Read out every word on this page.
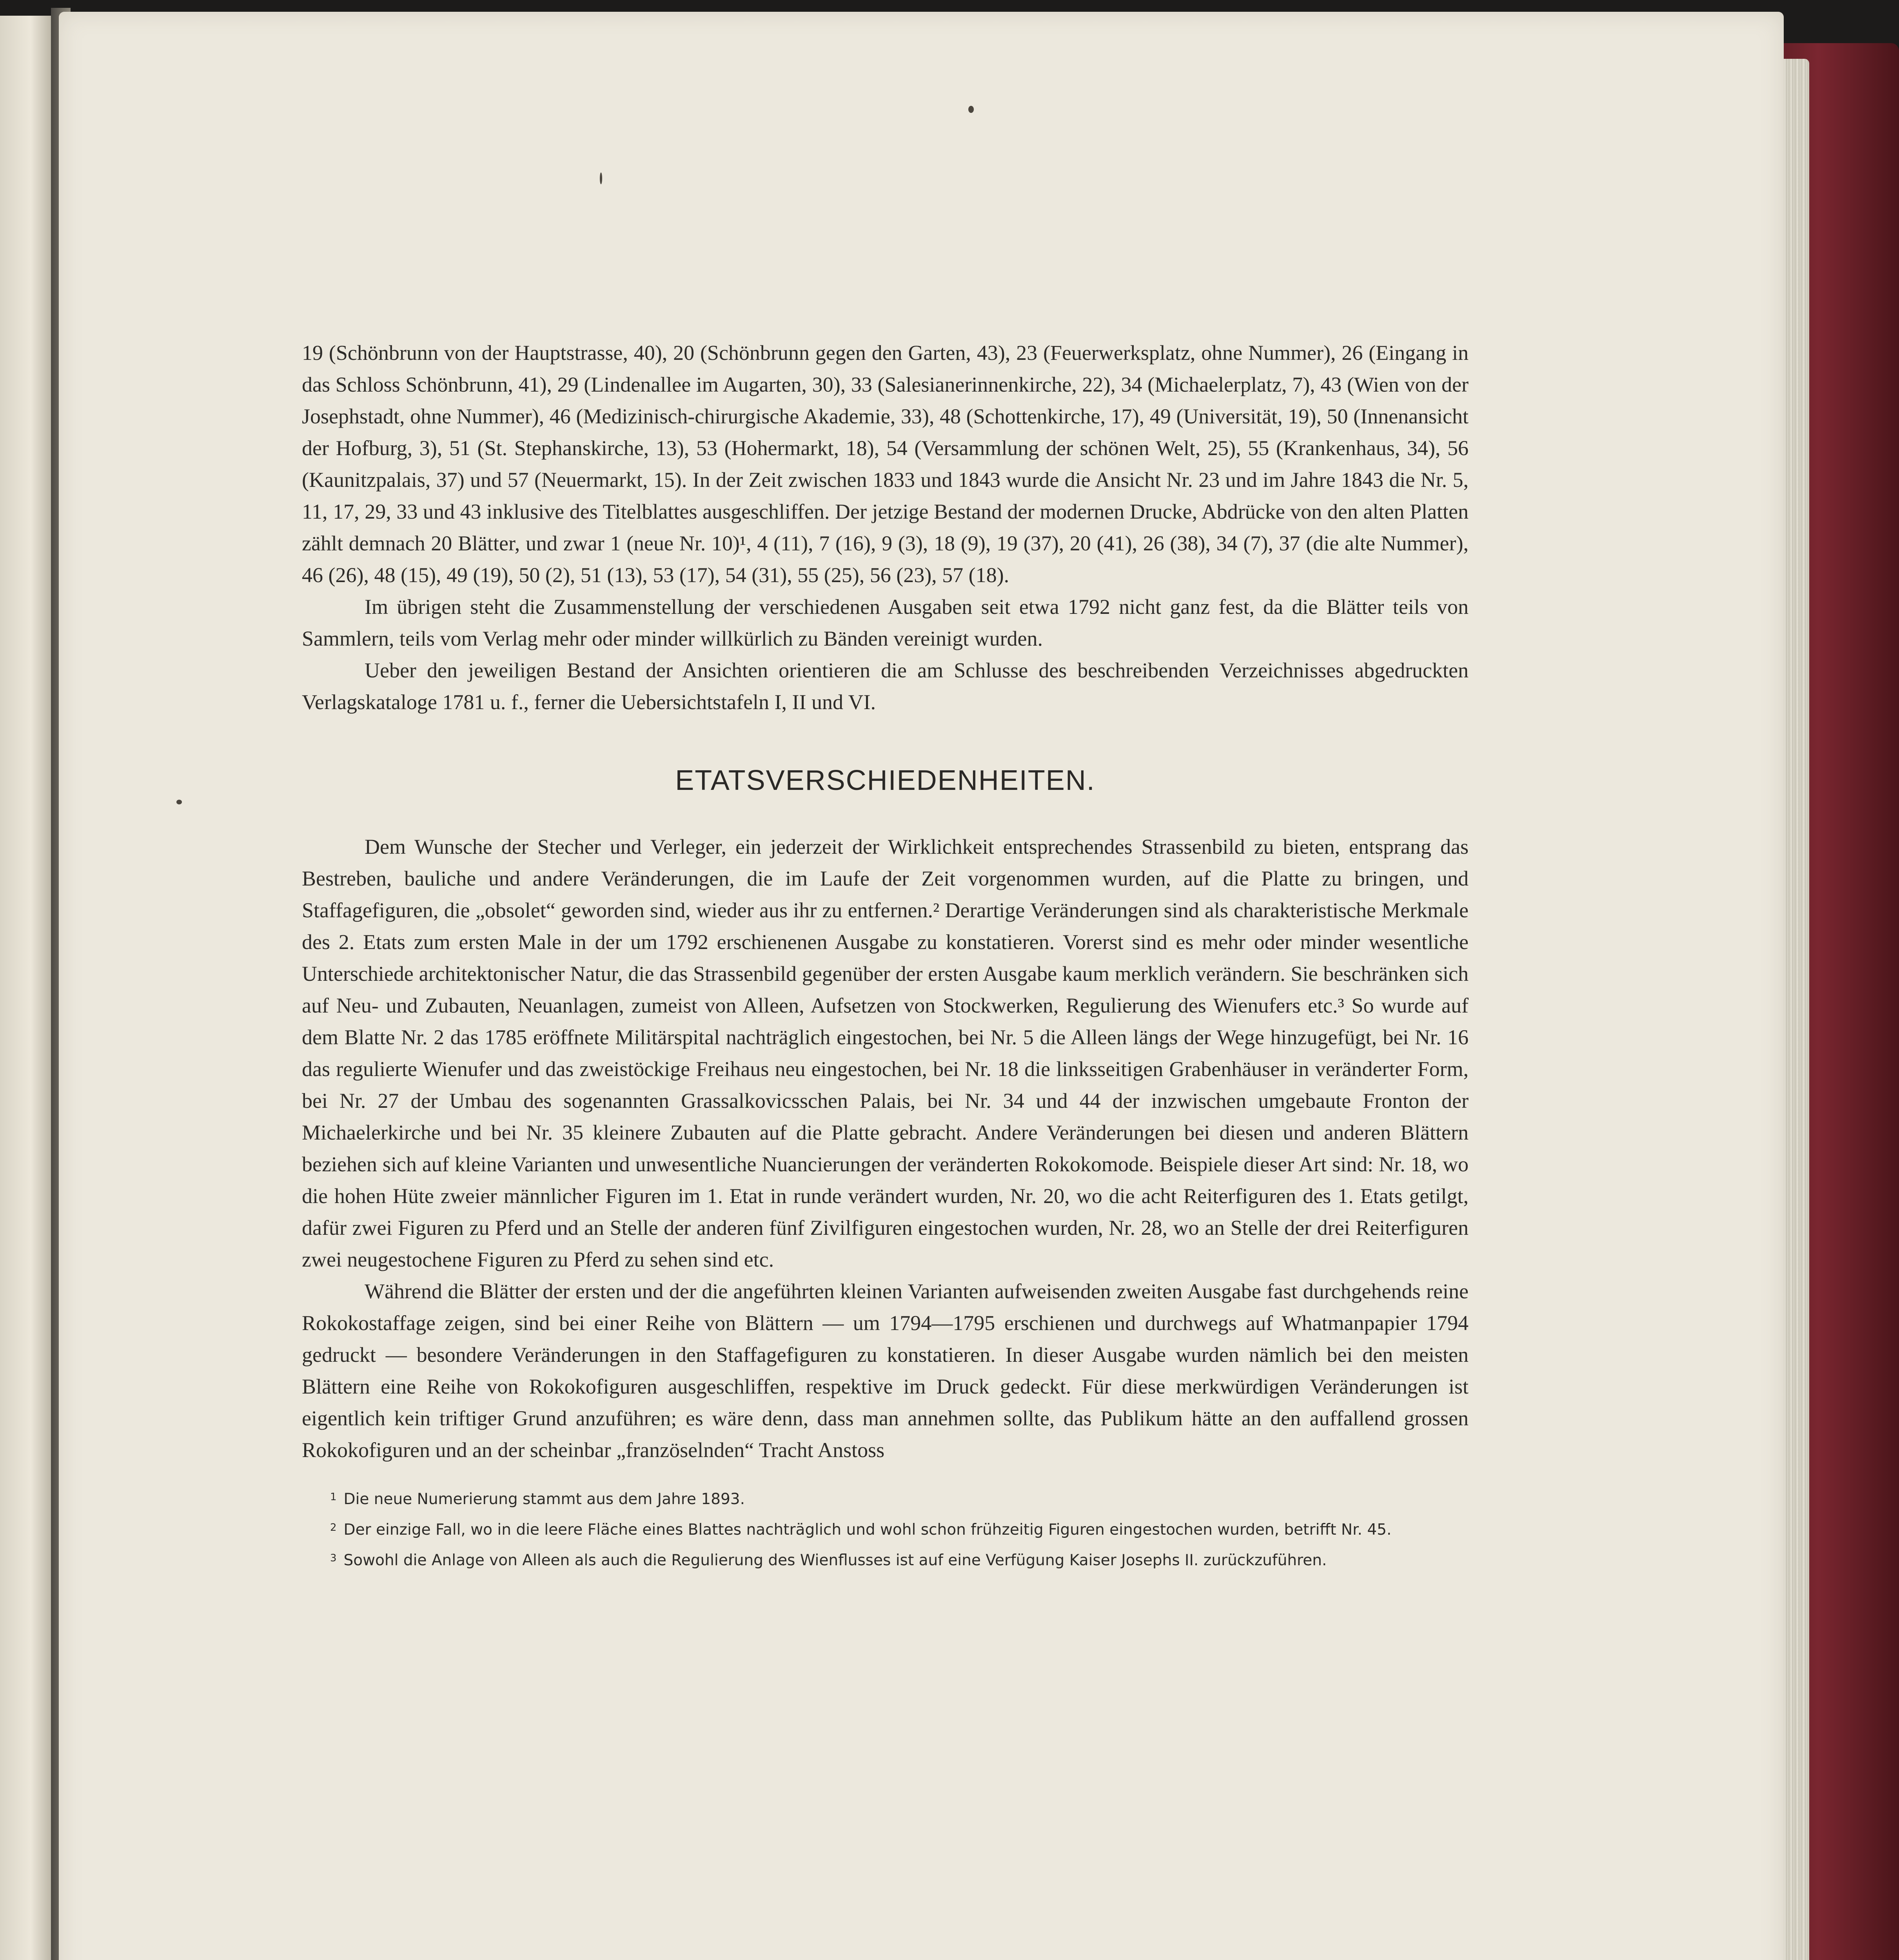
19 (Schönbrunn von der Hauptstrasse, 40), 20 (Schönbrunn gegen den Garten, 43), 23 (Feuerwerksplatz, ohne Nummer), 26 (Eingang in das Schloss Schönbrunn, 41), 29 (Lindenallee im Augarten, 30), 33 (Salesianerinnenkirche, 22), 34 (Michaelerplatz, 7), 43 (Wien von der Josephstadt, ohne Nummer), 46 (Medizinisch-chirurgische Akademie, 33), 48 (Schottenkirche, 17), 49 (Universität, 19), 50 (Innenansicht der Hofburg, 3), 51 (St. Stephanskirche, 13), 53 (Hohermarkt, 18), 54 (Versammlung der schönen Welt, 25), 55 (Krankenhaus, 34), 56 (Kaunitzpalais, 37) und 57 (Neuermarkt, 15). In der Zeit zwischen 1833 und 1843 wurde die Ansicht Nr. 23 und im Jahre 1843 die Nr. 5, 11, 17, 29, 33 und 43 inklusive des Titelblattes ausgeschliffen. Der jetzige Bestand der modernen Drucke, Abdrücke von den alten Platten zählt demnach 20 Blätter, und zwar 1 (neue Nr. 10)¹, 4 (11), 7 (16), 9 (3), 18 (9), 19 (37), 20 (41), 26 (38), 34 (7), 37 (die alte Nummer), 46 (26), 48 (15), 49 (19), 50 (2), 51 (13), 53 (17), 54 (31), 55 (25), 56 (23), 57 (18).

Im übrigen steht die Zusammenstellung der verschiedenen Ausgaben seit etwa 1792 nicht ganz fest, da die Blätter teils von Sammlern, teils vom Verlag mehr oder minder willkürlich zu Bänden vereinigt wurden.

Ueber den jeweiligen Bestand der Ansichten orientieren die am Schlusse des beschreibenden Verzeichnisses abgedruckten Verlagskataloge 1781 u. f., ferner die Uebersichtstafeln I, II und VI.

ETATSVERSCHIEDENHEITEN.

Dem Wunsche der Stecher und Verleger, ein jederzeit der Wirklichkeit entsprechendes Strassenbild zu bieten, entsprang das Bestreben, bauliche und andere Veränderungen, die im Laufe der Zeit vorgenommen wurden, auf die Platte zu bringen, und Staffagefiguren, die „obsolet“ geworden sind, wieder aus ihr zu entfernen.² Derartige Veränderungen sind als charakteristische Merkmale des 2. Etats zum ersten Male in der um 1792 erschienenen Ausgabe zu konstatieren. Vorerst sind es mehr oder minder wesentliche Unterschiede architektonischer Natur, die das Strassenbild gegenüber der ersten Ausgabe kaum merklich verändern. Sie beschränken sich auf Neu- und Zubauten, Neuanlagen, zumeist von Alleen, Aufsetzen von Stockwerken, Regulierung des Wienufers etc.³ So wurde auf dem Blatte Nr. 2 das 1785 eröffnete Militärspital nachträglich eingestochen, bei Nr. 5 die Alleen längs der Wege hinzugefügt, bei Nr. 16 das regulierte Wienufer und das zweistöckige Freihaus neu eingestochen, bei Nr. 18 die linksseitigen Grabenhäuser in veränderter Form, bei Nr. 27 der Umbau des sogenannten Grassalkovicsschen Palais, bei Nr. 34 und 44 der inzwischen umgebaute Fronton der Michaelerkirche und bei Nr. 35 kleinere Zubauten auf die Platte gebracht. Andere Veränderungen bei diesen und anderen Blättern beziehen sich auf kleine Varianten und unwesentliche Nuancierungen der veränderten Rokokomode. Beispiele dieser Art sind: Nr. 18, wo die hohen Hüte zweier männlicher Figuren im 1. Etat in runde verändert wurden, Nr. 20, wo die acht Reiterfiguren des 1. Etats getilgt, dafür zwei Figuren zu Pferd und an Stelle der anderen fünf Zivilfiguren eingestochen wurden, Nr. 28, wo an Stelle der drei Reiterfiguren zwei neugestochene Figuren zu Pferd zu sehen sind etc.

Während die Blätter der ersten und der die angeführten kleinen Varianten aufweisenden zweiten Ausgabe fast durchgehends reine Rokokostaffage zeigen, sind bei einer Reihe von Blättern — um 1794—1795 erschienen und durchwegs auf Whatmanpapier 1794 gedruckt — besondere Veränderungen in den Staffagefiguren zu konstatieren. In dieser Ausgabe wurden nämlich bei den meisten Blättern eine Reihe von Rokokofiguren ausgeschliffen, respektive im Druck gedeckt. Für diese merkwürdigen Veränderungen ist eigentlich kein triftiger Grund anzuführen; es wäre denn, dass man annehmen sollte, das Publikum hätte an den auffallend grossen Rokokofiguren und an der scheinbar „französelnden“ Tracht Anstoss

$^1$ Die neue Numerierung stammt aus dem Jahre 1893.

$^2$ Der einzige Fall, wo in die leere Fläche eines Blattes nachträglich und wohl schon frühzeitig Figuren eingestochen wurden, betrifft Nr. 45.

$^3$ Sowohl die Anlage von Alleen als auch die Regulierung des Wienflusses ist auf eine Verfügung Kaiser Josephs II. zurückzuführen.
